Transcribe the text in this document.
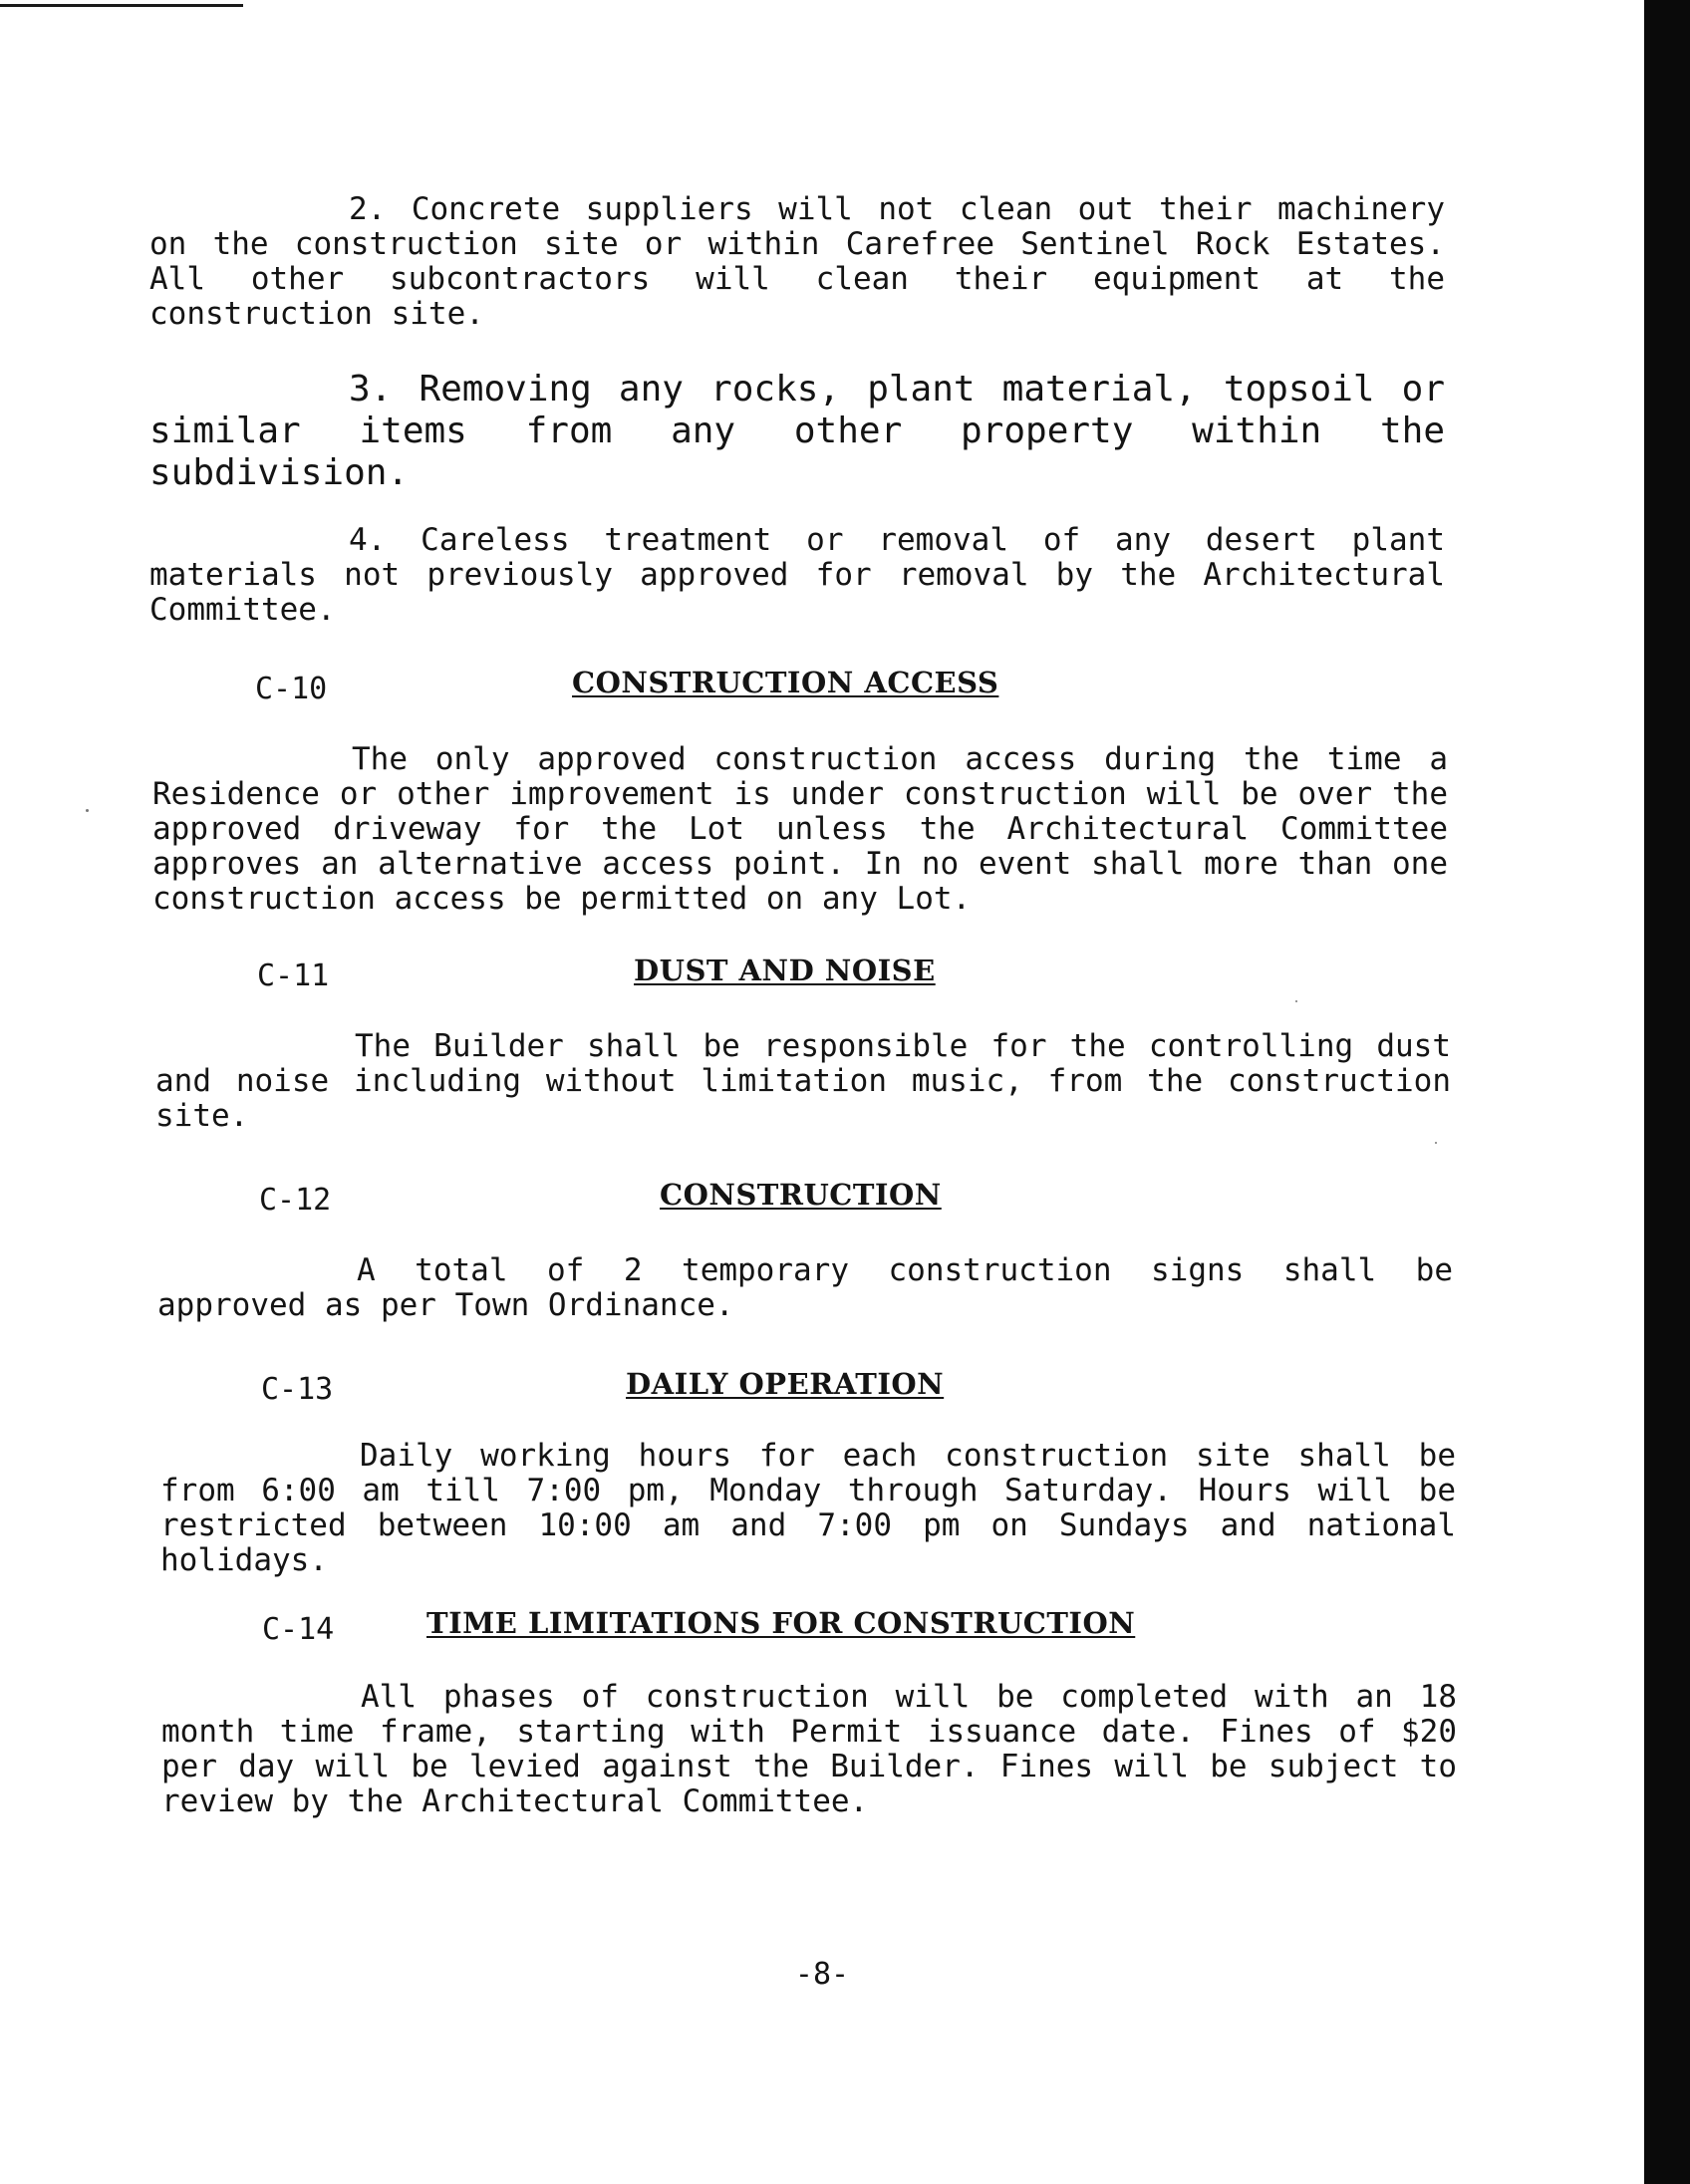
2. Concrete suppliers will not clean out their machinery on the construction site or within Carefree Sentinel Rock Estates. All other subcontractors will clean their equipment at the construction site.

3. Removing any rocks, plant material, topsoil or similar items from any other property within the subdivision.

4. Careless treatment or removal of any desert plant materials not previously approved for removal by the Architectural Committee.

C-10	CONSTRUCTION ACCESS

The only approved construction access during the time a Residence or other improvement is under construction will be over the approved driveway for the Lot unless the Architectural Committee approves an alternative access point. In no event shall more than one construction access be permitted on any Lot.

C-11	DUST AND NOISE

The Builder shall be responsible for the controlling dust and noise including without limitation music, from the construction site.

C-12	CONSTRUCTION

A total of 2 temporary construction signs shall be approved as per Town Ordinance.

C-13	DAILY OPERATION

Daily working hours for each construction site shall be from 6:00 am till 7:00 pm, Monday through Saturday. Hours will be restricted between 10:00 am and 7:00 pm on Sundays and national holidays.

C-14	TIME LIMITATIONS FOR CONSTRUCTION

All phases of construction will be completed with an 18 month time frame, starting with Permit issuance date. Fines of $20 per day will be levied against the Builder. Fines will be subject to review by the Architectural Committee.

-8-
